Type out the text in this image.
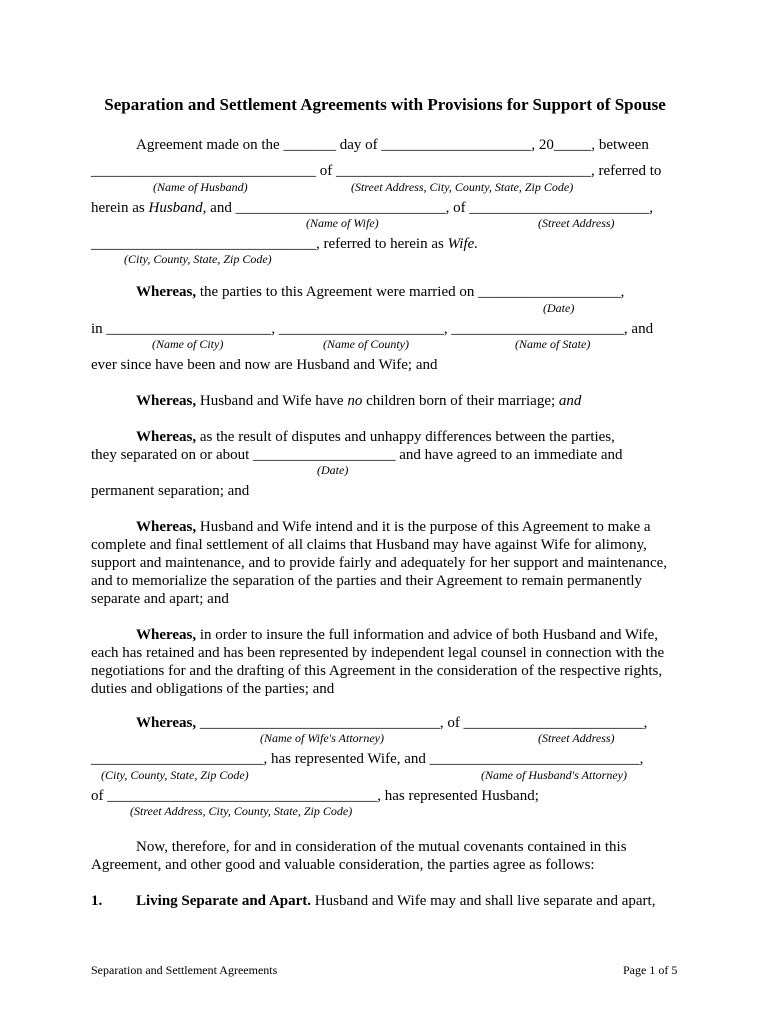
Separation and Settlement Agreements with Provisions for Support of Spouse
Agreement made on the _______ day of ____________________, 20_____, between
______________________________ of __________________________________, referred to
(Name of Husband)	(Street Address, City, County, State, Zip Code)
herein as Husband, and ____________________________, of ________________________,
(Name of Wife)	(Street Address)
______________________________, referred to herein as Wife.
(City, County, State, Zip Code)
Whereas, the parties to this Agreement were married on ___________________,
(Date)
in ______________________, ______________________, _______________________, and
(Name of City)	(Name of County)	(Name of State)
ever since have been and now are Husband and Wife; and
Whereas, Husband and Wife have no children born of their marriage; and
Whereas, as the result of disputes and unhappy differences between the parties,
they separated on or about ___________________ and have agreed to an immediate and
(Date)
permanent separation; and
Whereas, Husband and Wife intend and it is the purpose of this Agreement to make a
complete and final settlement of all claims that Husband may have against Wife for alimony,
support and maintenance, and to provide fairly and adequately for her support and maintenance,
and to memorialize the separation of the parties and their Agreement to remain permanently
separate and apart; and
Whereas, in order to insure the full information and advice of both Husband and Wife,
each has retained and has been represented by independent legal counsel in connection with the
negotiations for and the drafting of this Agreement in the consideration of the respective rights,
duties and obligations of the parties; and
Whereas, ________________________________, of ________________________,
(Name of Wife's Attorney)	(Street Address)
_______________________, has represented Wife, and ____________________________,
(City, County, State, Zip Code)	(Name of Husband's Attorney)
of ____________________________________, has represented Husband;
(Street Address, City, County, State, Zip Code)
Now, therefore, for and in consideration of the mutual covenants contained in this
Agreement, and other good and valuable consideration, the parties agree as follows:
1. Living Separate and Apart. Husband and Wife may and shall live separate and apart,
Separation and Settlement Agreements	Page 1 of 5
